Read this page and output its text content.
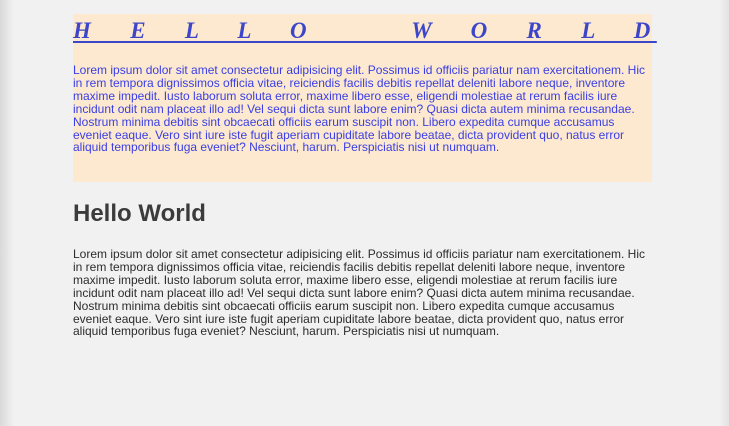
H E L L O   W O R L D

Lorem ipsum dolor sit amet consectetur adipisicing elit. Possimus id officiis pariatur nam exercitationem. Hic in rem tempora dignissimos officia vitae, reiciendis facilis debitis repellat deleniti labore neque, inventore maxime impedit. Iusto laborum soluta error, maxime libero esse, eligendi molestiae at rerum facilis iure incidunt odit nam placeat illo ad! Vel sequi dicta sunt labore enim? Quasi dicta autem minima recusandae. Nostrum minima debitis sint obcaecati officiis earum suscipit non. Libero expedita cumque accusamus eveniet eaque. Vero sint iure iste fugit aperiam cupiditate labore beatae, dicta provident quo, natus error aliquid temporibus fuga eveniet? Nesciunt, harum. Perspiciatis nisi ut numquam.

Hello World

Lorem ipsum dolor sit amet consectetur adipisicing elit. Possimus id officiis pariatur nam exercitationem. Hic in rem tempora dignissimos officia vitae, reiciendis facilis debitis repellat deleniti labore neque, inventore maxime impedit. Iusto laborum soluta error, maxime libero esse, eligendi molestiae at rerum facilis iure incidunt odit nam placeat illo ad! Vel sequi dicta sunt labore enim? Quasi dicta autem minima recusandae. Nostrum minima debitis sint obcaecati officiis earum suscipit non. Libero expedita cumque accusamus eveniet eaque. Vero sint iure iste fugit aperiam cupiditate labore beatae, dicta provident quo, natus error aliquid temporibus fuga eveniet? Nesciunt, harum. Perspiciatis nisi ut numquam.
